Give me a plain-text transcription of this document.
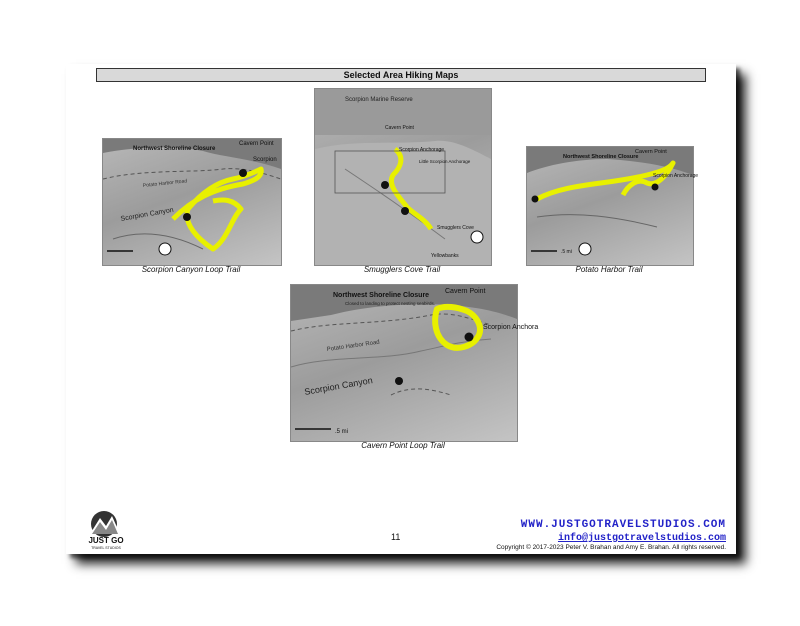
Selected Area Hiking Maps
Northwest Shoreline Closure
Cavern Point
Scorpion Canyon
Potato Harbor Road
Scorpion
Scorpion Canyon Loop Trail
Scorpion Marine Reserve
Cavern Point
Scorpion Anchorage
Little Scorpion Anchorage
Smugglers Cove
Yellowbanks
Smugglers Cove Trail
Northwest Shoreline Closure
Cavern Point
Scorpion Anchorage
.5 mi
Potato Harbor Trail
Northwest Shoreline Closure
Closed to landing to protect nesting seabirds.
Cavern Point
Scorpion Anchora
Scorpion Canyon
Potato Harbor Road
.5 mi
Cavern Point Loop Trail
11
JUST GO
TRAVEL STUDIOS
WWW.JUSTGOTRAVELSTUDIOS.COM
info@justgotravelstudios.com
Copyright © 2017-2023 Peter V. Brahan and Amy E. Brahan. All rights reserved.
